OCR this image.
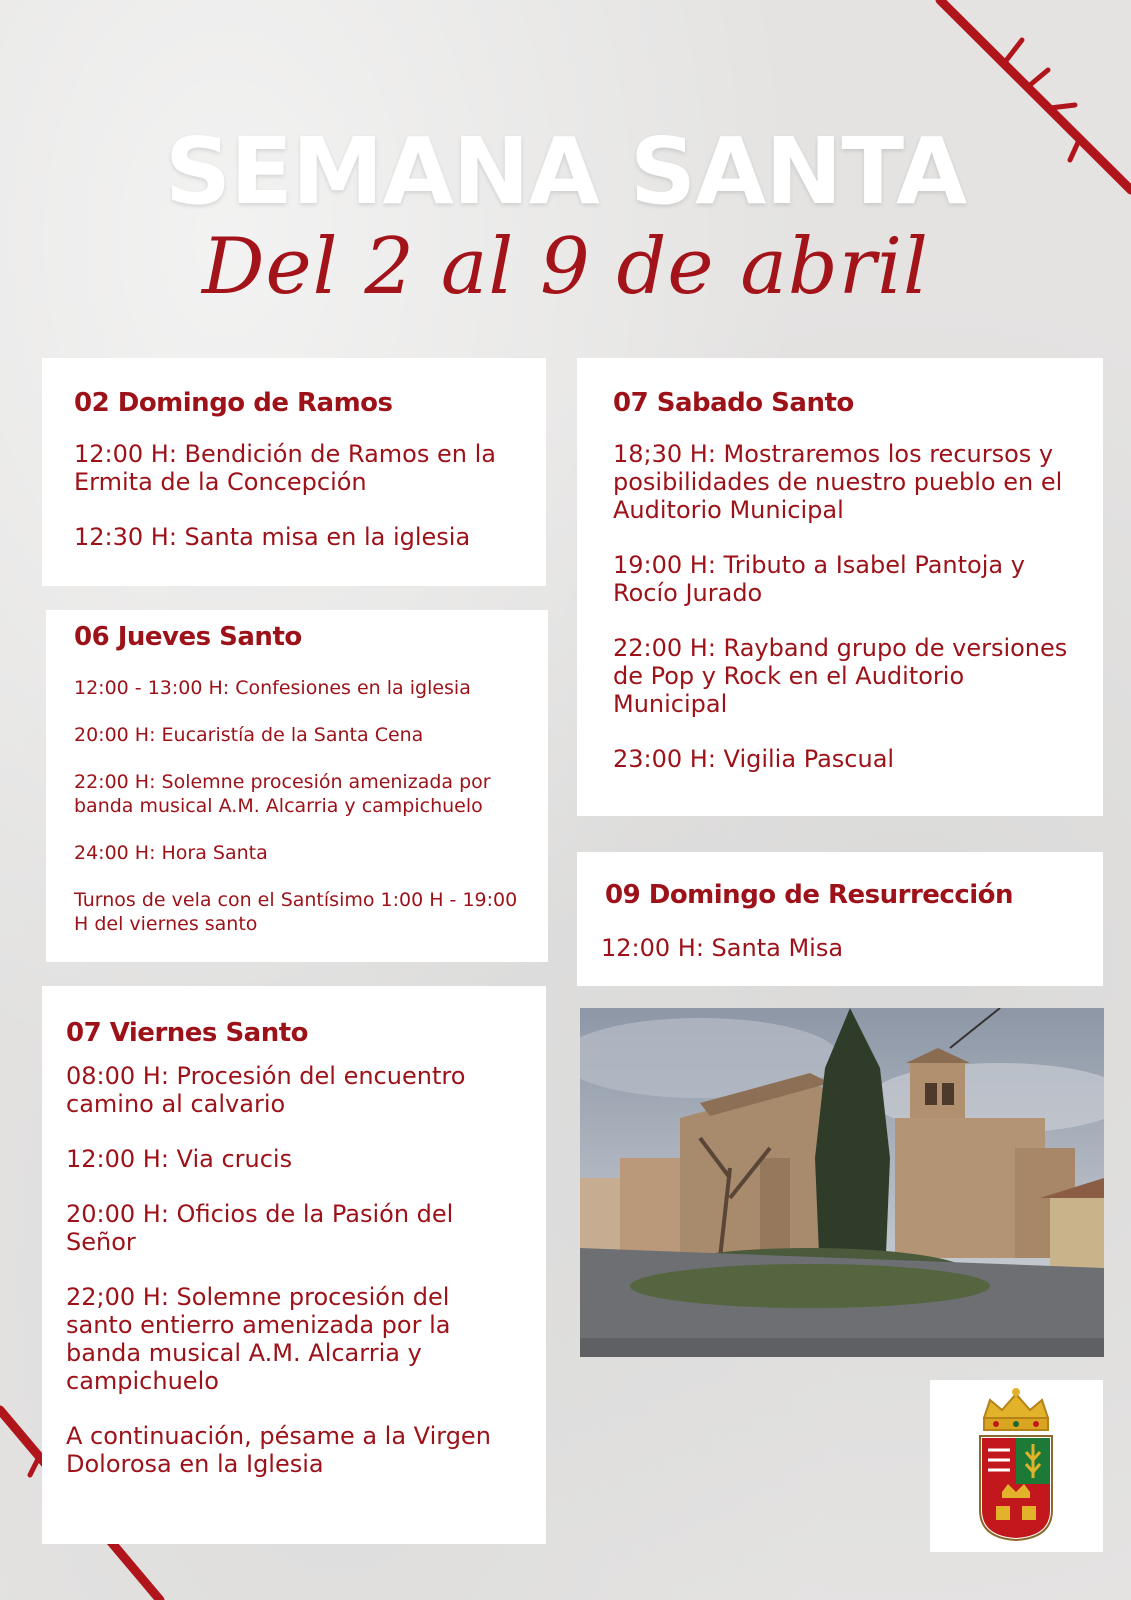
SEMANA SANTA
Del 2 al 9 de abril
02 Domingo de Ramos

12:00 H: Bendición de Ramos en la Ermita de la Concepción

12:30 H: Santa misa en la iglesia

06 Jueves Santo

12:00 - 13:00 H: Confesiones en la iglesia

20:00 H: Eucaristía de la Santa Cena

22:00 H: Solemne procesión amenizada por banda musical A.M. Alcarria y campichuelo

24:00 H: Hora Santa

Turnos de vela con el Santísimo 1:00 H - 19:00 H del viernes santo

07 Viernes Santo

08:00 H: Procesión del encuentro camino al calvario

12:00 H: Via crucis

20:00 H: Oficios de la Pasión del Señor

22;00 H: Solemne procesión del santo entierro amenizada por la banda musical A.M. Alcarria y campichuelo

A continuación, pésame a la Virgen Dolorosa en la Iglesia

07 Sabado Santo

18;30 H: Mostraremos los recursos y posibilidades de nuestro pueblo en el Auditorio Municipal

19:00 H: Tributo a Isabel Pantoja y Rocío Jurado

22:00 H: Rayband grupo de versiones de Pop y Rock en el Auditorio Municipal

23:00 H: Vigilia Pascual

09 Domingo de Resurrección

12:00 H: Santa Misa
